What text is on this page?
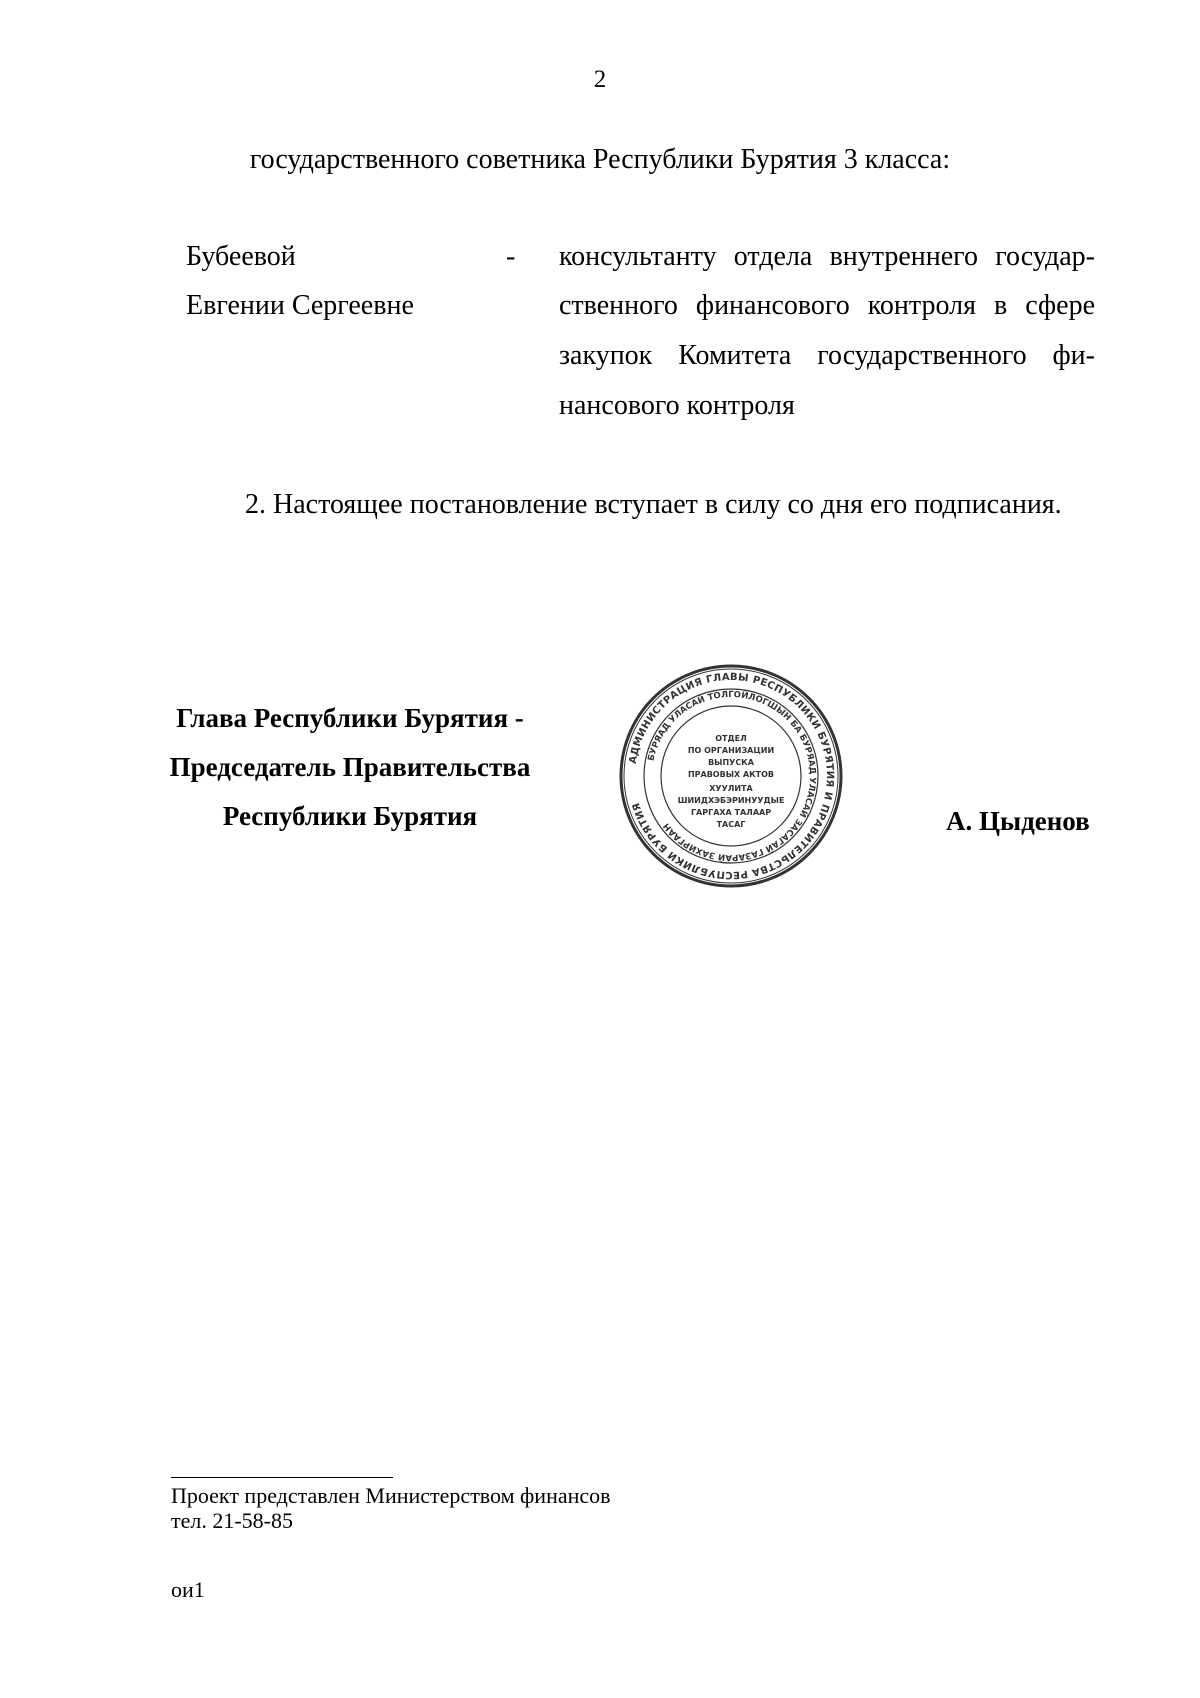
2
государственного советника Республики Бурятия 3 класса:
Бубеевой
Евгении Сергеевне
- консультанту отдела внутреннего государ-
ственного финансового контроля в сфере
закупок Комитета государственного фи-
нансового контроля
2. Настоящее постановление вступает в силу со дня его подписания.
Глава Республики Бурятия -
Председатель Правительства
Республики Бурятия	А. Цыденов
АДМИНИСТРАЦИЯ ГЛАВЫ РЕСПУБЛИКИ БУРЯТИЯ И ПРАВИТЕЛЬСТВА РЕСПУБЛИКИ БУРЯТИЯ
БУРЯАД УЛАСАЙ ТОЛГОЙЛОГШЫН БА БУРЯАД УЛАСАЙ ЗАСАГАЙ ГАЗАРАЙ ЗАХИРГААН
ОТДЕЛ
ПО ОРГАНИЗАЦИИ
ВЫПУСКА
ПРАВОВЫХ АКТОВ
ХУУЛИТА
ШИИДХЭБЭРИНУУДЫЕ
ГАРГАХА ТАЛААР
ТАСАГ
Проект представлен Министерством финансов
тел. 21-58-85
ои1
